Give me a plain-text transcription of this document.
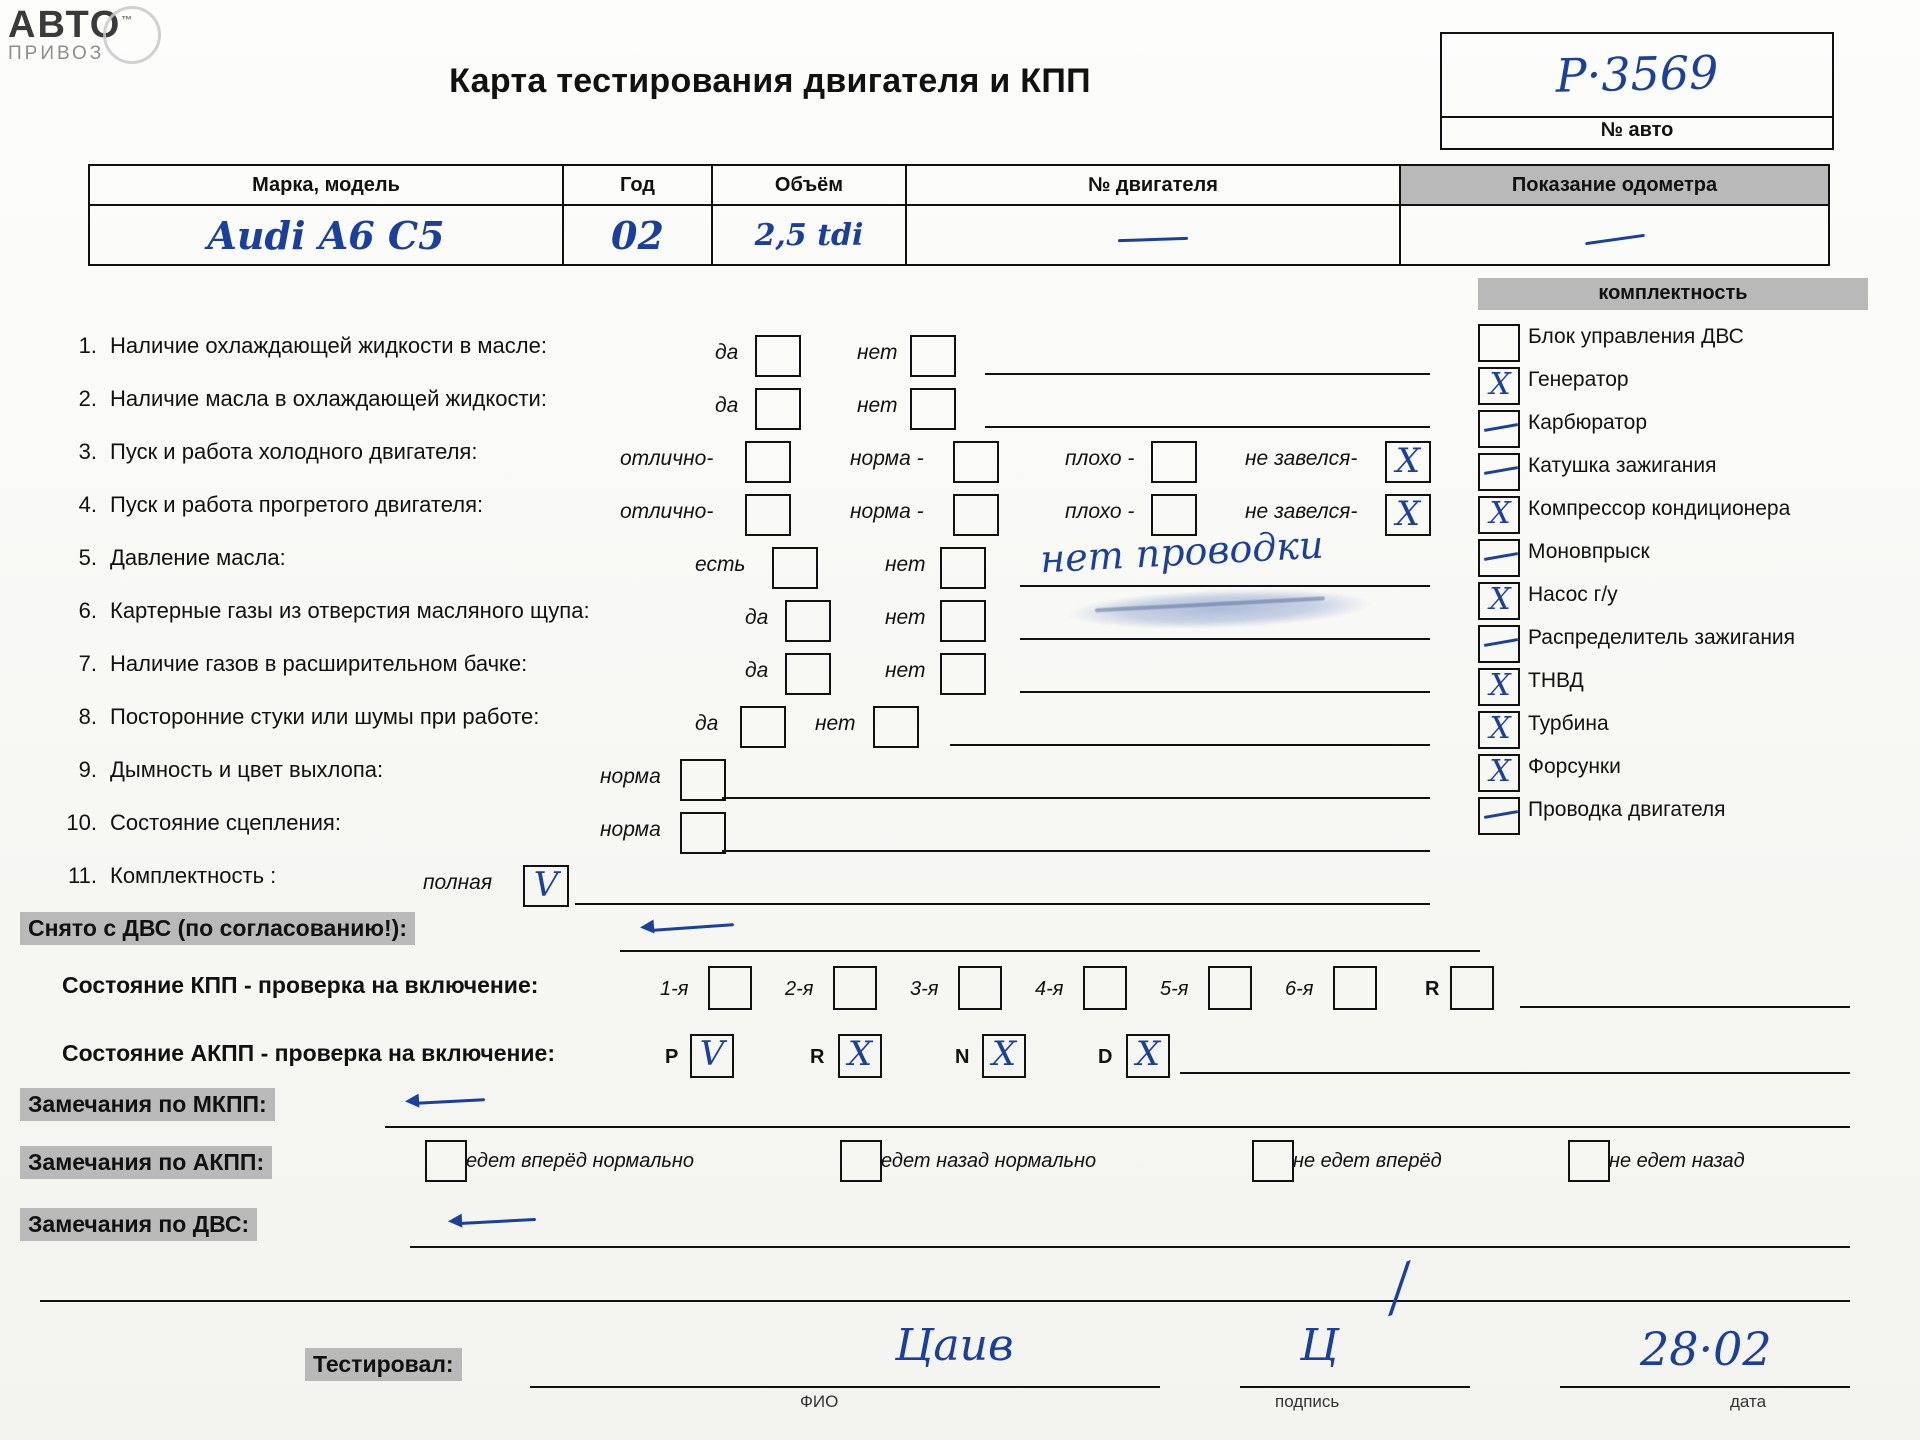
АВТО™
ПРИВОЗ
Карта тестирования двигателя и КПП	Р·3569
№ авто
Марка, модель	Год	Объём	№ двигателя	Показание одометра
Audi A6 C5	02	2,5 tdi		
комплектность
1. Наличие охлаждающей жидкости в масле:	да	нет
2. Наличие масла в охлаждающей жидкости:	да	нет
3. Пуск и работа холодного двигателя:	отлично-	норма -	плохо -	не завелся- X
4. Пуск и работа прогретого двигателя:	отлично-	норма -	плохо -	не завелся- X
5. Давление масла:	есть	нет
6. Картерные газы из отверстия масляного щупа:	да	нет
7. Наличие газов в расширительном бачке:	да	нет
8. Посторонние стуки или шумы при работе:	да	нет
9. Дымность и цвет выхлопа:	норма
10. Состояние сцепления:	норма
11. Комплектность :	полная V
нет проводки
Блок управления ДВС
X Генератор
Карбюратор
Катушка зажигания
X Компрессор кондиционера
Моновпрыск
X Насос г/у
Распределитель зажигания
X ТНВД
X Турбина
X Форсунки
Проводка двигателя
Снято с ДВС (по согласованию!):
Состояние КПП - проверка на включение:	1-я	2-я	3-я	4-я	5-я	6-я	R
Состояние АКПП - проверка на включение:	P V	R X	N X	D X
Замечания по МКПП:
Замечания по АКПП:	едет вперёд нормально	едет назад нормально	не едет вперёд	не едет назад
Замечания по ДВС:
⁄
Тестировал:
ФИО	подпись	дата
Цаив	Ц	28·02
